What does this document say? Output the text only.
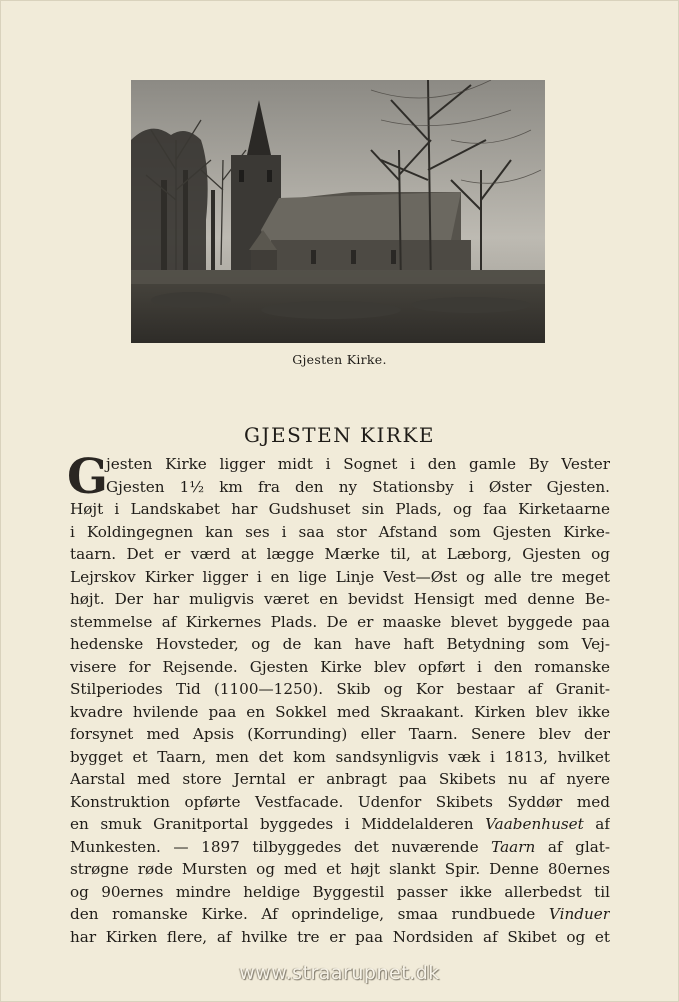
Gjesten Kirke.
GJESTEN KIRKE
G
jesten Kirke ligger midt i Sognet i den gamle By Vester
Gjesten 1½ km fra den ny Stationsby i Øster Gjesten.
Højt i Landskabet har Gudshuset sin Plads, og faa Kirketaarne
i Koldingegnen kan ses i saa stor Afstand som Gjesten Kirke-
taarn. Det er værd at lægge Mærke til, at Læborg, Gjesten og
Lejrskov Kirker ligger i en lige Linje Vest—Øst og alle tre meget
højt. Der har muligvis været en bevidst Hensigt med denne Be-
stemmelse af Kirkernes Plads. De er maaske blevet byggede paa
hedenske Hovsteder, og de kan have haft Betydning som Vej-
visere for Rejsende. Gjesten Kirke blev opført i den romanske
Stilperiodes Tid (1100—1250). Skib og Kor bestaar af Granit-
kvadre hvilende paa en Sokkel med Skraakant. Kirken blev ikke
forsynet med Apsis (Korrunding) eller Taarn. Senere blev der
bygget et Taarn, men det kom sandsynligvis væk i 1813, hvilket
Aarstal med store Jerntal er anbragt paa Skibets nu af nyere
Konstruktion opførte Vestfacade. Udenfor Skibets Syddør med
en smuk Granitportal byggedes i Middelalderen Vaabenhuset af
Munkesten. — 1897 tilbyggedes det nuværende Taarn af glat-
strøgne røde Mursten og med et højt slankt Spir. Denne 80ernes
og 90ernes mindre heldige Byggestil passer ikke allerbedst til
den romanske Kirke. Af oprindelige, smaa rundbuede Vinduer
har Kirken flere, af hvilke tre er paa Nordsiden af Skibet og et
www.straarupnet.dk
